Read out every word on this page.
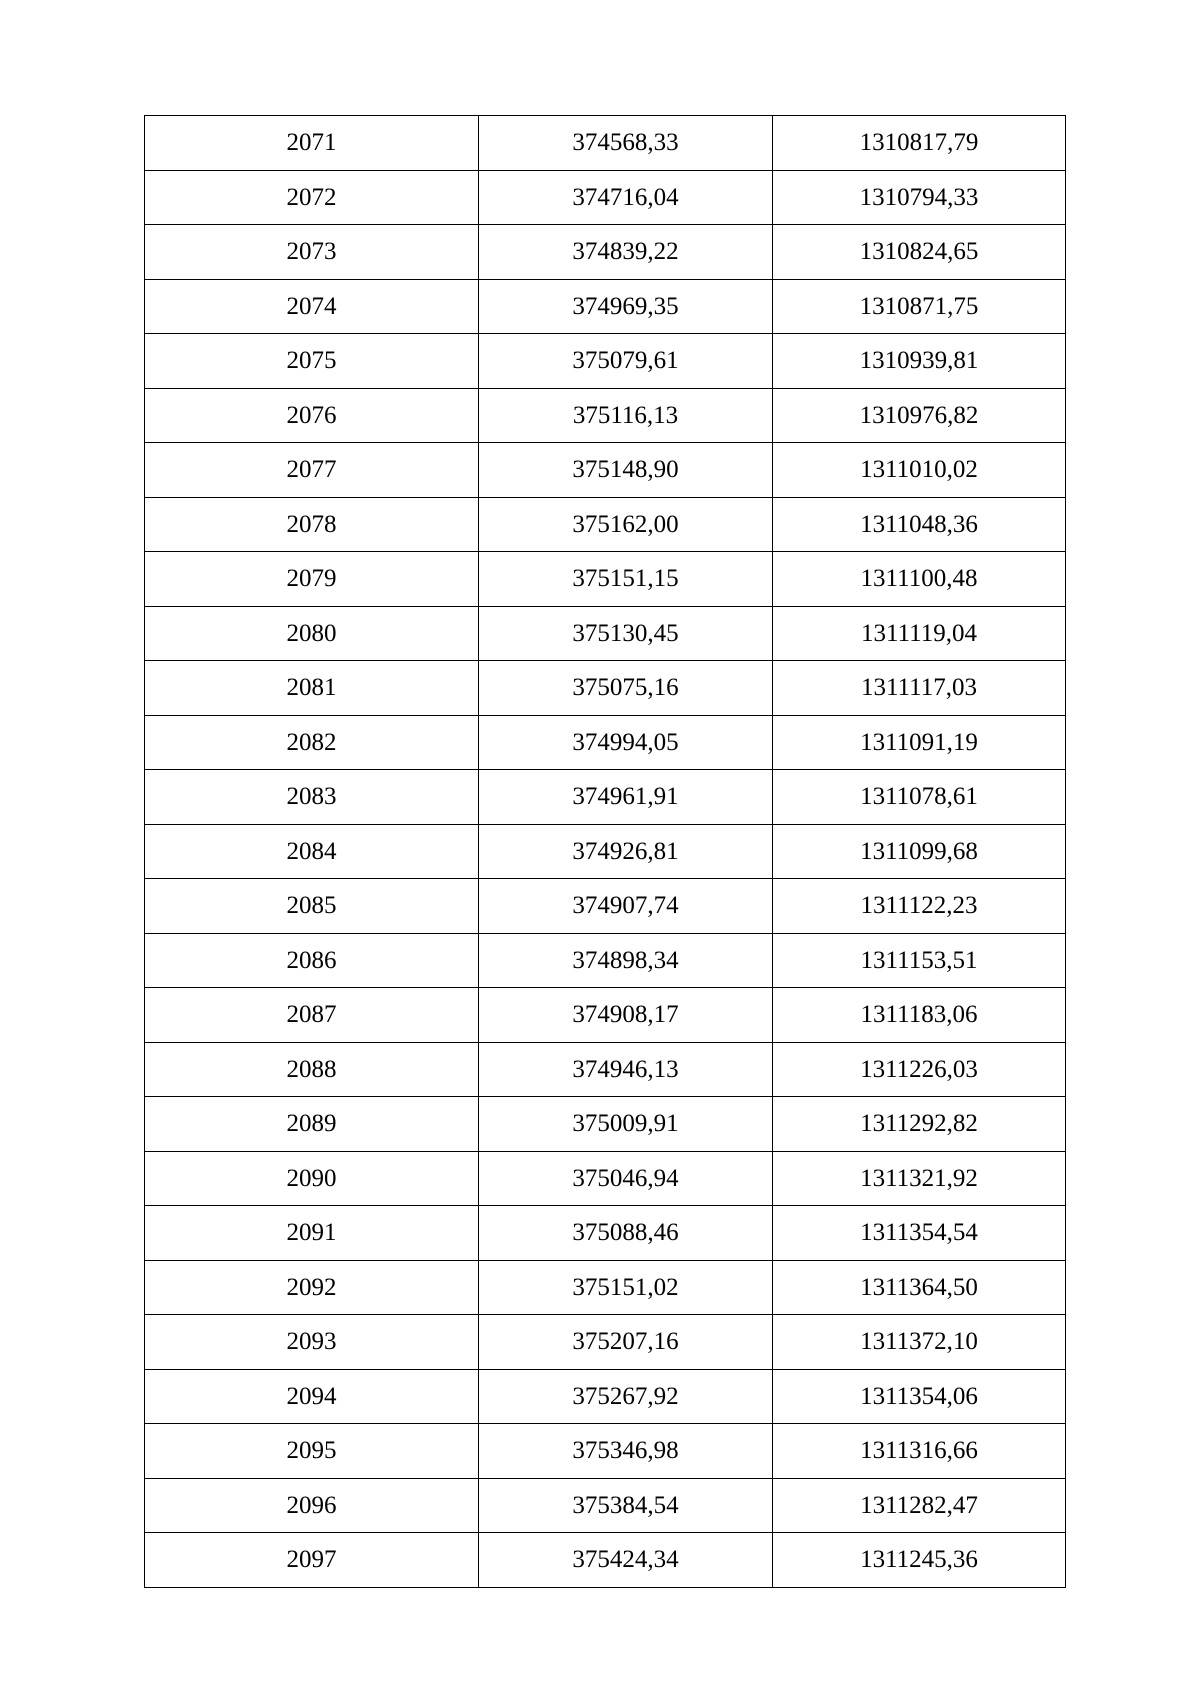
2071	374568,33	1310817,79
2072	374716,04	1310794,33
2073	374839,22	1310824,65
2074	374969,35	1310871,75
2075	375079,61	1310939,81
2076	375116,13	1310976,82
2077	375148,90	1311010,02
2078	375162,00	1311048,36
2079	375151,15	1311100,48
2080	375130,45	1311119,04
2081	375075,16	1311117,03
2082	374994,05	1311091,19
2083	374961,91	1311078,61
2084	374926,81	1311099,68
2085	374907,74	1311122,23
2086	374898,34	1311153,51
2087	374908,17	1311183,06
2088	374946,13	1311226,03
2089	375009,91	1311292,82
2090	375046,94	1311321,92
2091	375088,46	1311354,54
2092	375151,02	1311364,50
2093	375207,16	1311372,10
2094	375267,92	1311354,06
2095	375346,98	1311316,66
2096	375384,54	1311282,47
2097	375424,34	1311245,36
